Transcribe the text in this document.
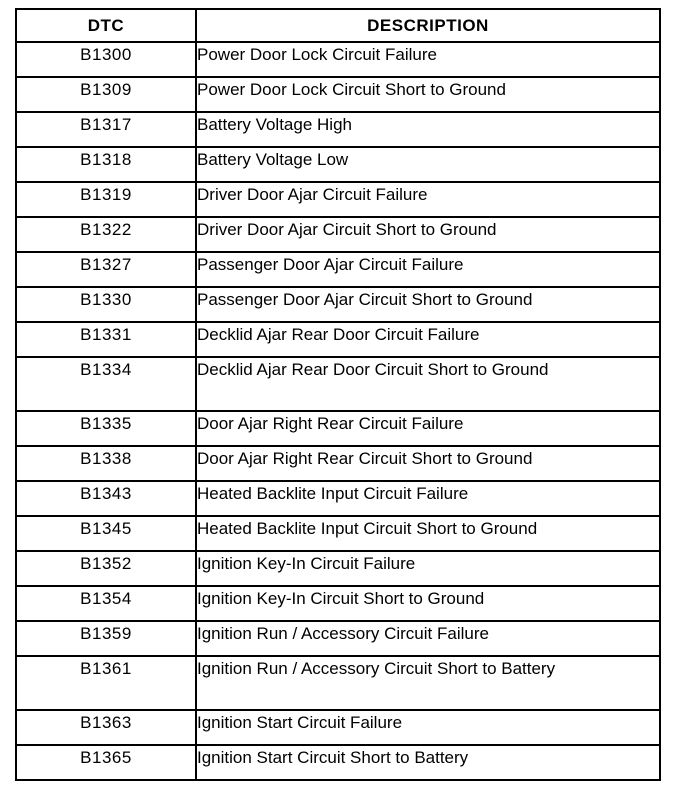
DTC	DESCRIPTION
B1300	Power Door Lock Circuit Failure
B1309	Power Door Lock Circuit Short to Ground
B1317	Battery Voltage High
B1318	Battery Voltage Low
B1319	Driver Door Ajar Circuit Failure
B1322	Driver Door Ajar Circuit Short to Ground
B1327	Passenger Door Ajar Circuit Failure
B1330	Passenger Door Ajar Circuit Short to Ground
B1331	Decklid Ajar Rear Door Circuit Failure
B1334	Decklid Ajar Rear Door Circuit Short to Ground
B1335	Door Ajar Right Rear Circuit Failure
B1338	Door Ajar Right Rear Circuit Short to Ground
B1343	Heated Backlite Input Circuit Failure
B1345	Heated Backlite Input Circuit Short to Ground
B1352	Ignition Key-In Circuit Failure
B1354	Ignition Key-In Circuit Short to Ground
B1359	Ignition Run / Accessory Circuit Failure
B1361	Ignition Run / Accessory Circuit Short to Battery
B1363	Ignition Start Circuit Failure
B1365	Ignition Start Circuit Short to Battery
